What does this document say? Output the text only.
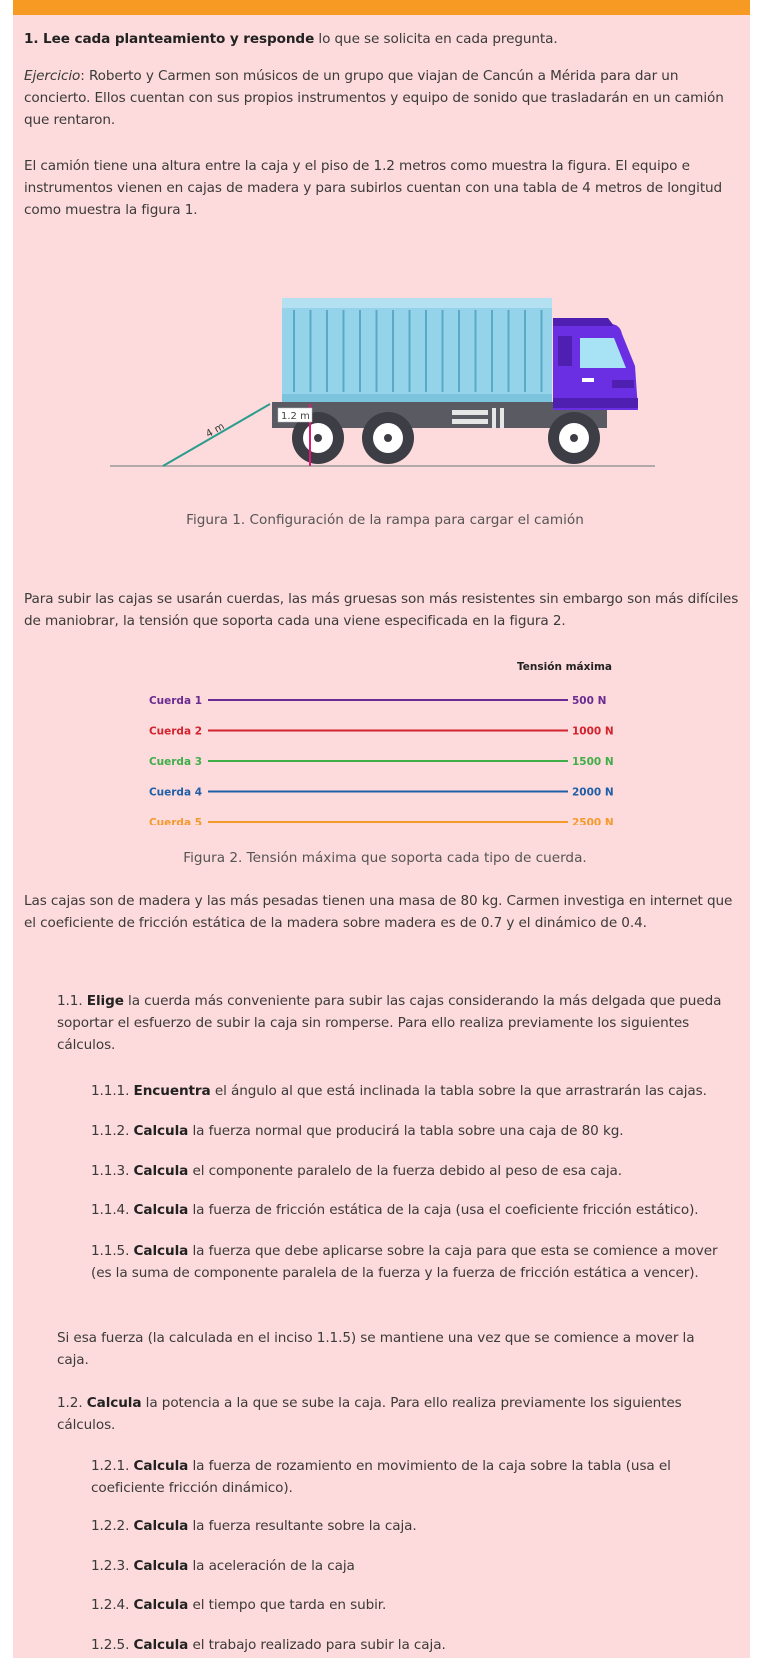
1. Lee cada planteamiento y responde lo que se solicita en cada pregunta.

Ejercicio: Roberto y Carmen son músicos de un grupo que viajan de Cancún a Mérida para dar un concierto. Ellos cuentan con sus propios instrumentos y equipo de sonido que trasladarán en un camión que rentaron.

El camión tiene una altura entre la caja y el piso de 1.2 metros como muestra la figura. El equipo e instrumentos vienen en cajas de madera y para subirlos cuentan con una tabla de 4 metros de longitud como muestra la figura 1.

4 m
1.2 m
Figura 1. Configuración de la rampa para cargar el camión

Para subir las cajas se usarán cuerdas, las más gruesas son más resistentes sin embargo son más difíciles de maniobrar, la tensión que soporta cada una viene especificada en la figura 2.

Tensión máxima
Cuerda 1	500 N
Cuerda 2	1000 N
Cuerda 3	1500 N
Cuerda 4	2000 N
Cuerda 5	2500 N
Figura 2. Tensión máxima que soporta cada tipo de cuerda.

Las cajas son de madera y las más pesadas tienen una masa de 80 kg. Carmen investiga en internet que el coeficiente de fricción estática de la madera sobre madera es de 0.7 y el dinámico de 0.4.

1.1. Elige la cuerda más conveniente para subir las cajas considerando la más delgada que pueda soportar el esfuerzo de subir la caja sin romperse. Para ello realiza previamente los siguientes cálculos.

1.1.1. Encuentra el ángulo al que está inclinada la tabla sobre la que arrastrarán las cajas.

1.1.2. Calcula la fuerza normal que producirá la tabla sobre una caja de 80 kg.

1.1.3. Calcula el componente paralelo de la fuerza debido al peso de esa caja.

1.1.4. Calcula la fuerza de fricción estática de la caja (usa el coeficiente fricción estático).

1.1.5. Calcula la fuerza que debe aplicarse sobre la caja para que esta se comience a mover (es la suma de componente paralela de la fuerza y la fuerza de fricción estática a vencer).

Si esa fuerza (la calculada en el inciso 1.1.5) se mantiene una vez que se comience a mover la caja.

1.2. Calcula la potencia a la que se sube la caja. Para ello realiza previamente los siguientes cálculos.

1.2.1. Calcula la fuerza de rozamiento en movimiento de la caja sobre la tabla (usa el coeficiente fricción dinámico).

1.2.2. Calcula la fuerza resultante sobre la caja.

1.2.3. Calcula la aceleración de la caja

1.2.4. Calcula el tiempo que tarda en subir.

1.2.5. Calcula el trabajo realizado para subir la caja.
